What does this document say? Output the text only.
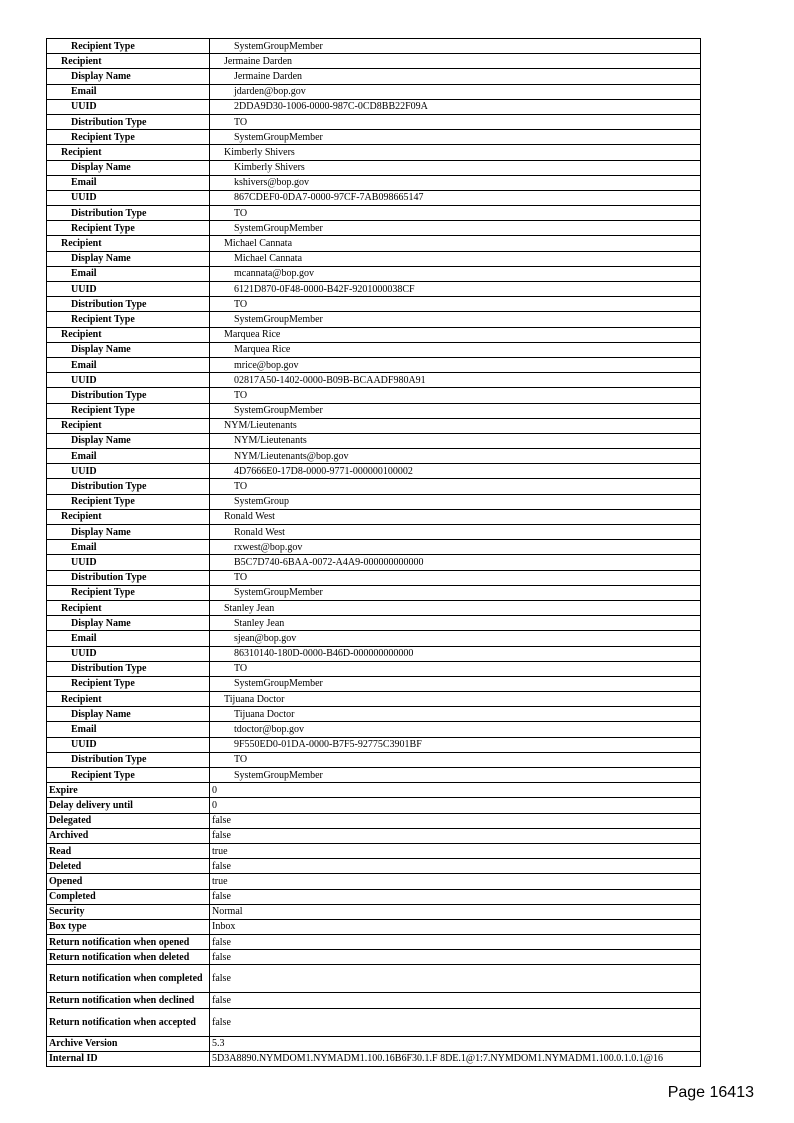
Recipient Type	SystemGroupMember
Recipient	Jermaine Darden
Display Name	Jermaine Darden
Email	jdarden@bop.gov
UUID	2DDA9D30-1006-0000-987C-0CD8BB22F09A
Distribution Type	TO
Recipient Type	SystemGroupMember
Recipient	Kimberly Shivers
Display Name	Kimberly Shivers
Email	kshivers@bop.gov
UUID	867CDEF0-0DA7-0000-97CF-7AB098665147
Distribution Type	TO
Recipient Type	SystemGroupMember
Recipient	Michael Cannata
Display Name	Michael Cannata
Email	mcannata@bop.gov
UUID	6121D870-0F48-0000-B42F-9201000038CF
Distribution Type	TO
Recipient Type	SystemGroupMember
Recipient	Marquea Rice
Display Name	Marquea Rice
Email	mrice@bop.gov
UUID	02817A50-1402-0000-B09B-BCAADF980A91
Distribution Type	TO
Recipient Type	SystemGroupMember
Recipient	NYM/Lieutenants
Display Name	NYM/Lieutenants
Email	NYM/Lieutenants@bop.gov
UUID	4D7666E0-17D8-0000-9771-000000100002
Distribution Type	TO
Recipient Type	SystemGroup
Recipient	Ronald West
Display Name	Ronald West
Email	rxwest@bop.gov
UUID	B5C7D740-6BAA-0072-A4A9-000000000000
Distribution Type	TO
Recipient Type	SystemGroupMember
Recipient	Stanley Jean
Display Name	Stanley Jean
Email	sjean@bop.gov
UUID	86310140-180D-0000-B46D-000000000000
Distribution Type	TO
Recipient Type	SystemGroupMember
Recipient	Tijuana Doctor
Display Name	Tijuana Doctor
Email	tdoctor@bop.gov
UUID	9F550ED0-01DA-0000-B7F5-92775C3901BF
Distribution Type	TO
Recipient Type	SystemGroupMember
Expire	0
Delay delivery until	0
Delegated	false
Archived	false
Read	true
Deleted	false
Opened	true
Completed	false
Security	Normal
Box type	Inbox
Return notification when opened	false
Return notification when deleted	false
Return notification when completed	false
Return notification when declined	false
Return notification when accepted	false
Archive Version	5.3
Internal ID	5D3A8890.NYMDOM1.NYMADM1.100.16B6F30.1.F 8DE.1@1:7.NYMDOM1.NYMADM1.100.0.1.0.1@16
Page 16413
